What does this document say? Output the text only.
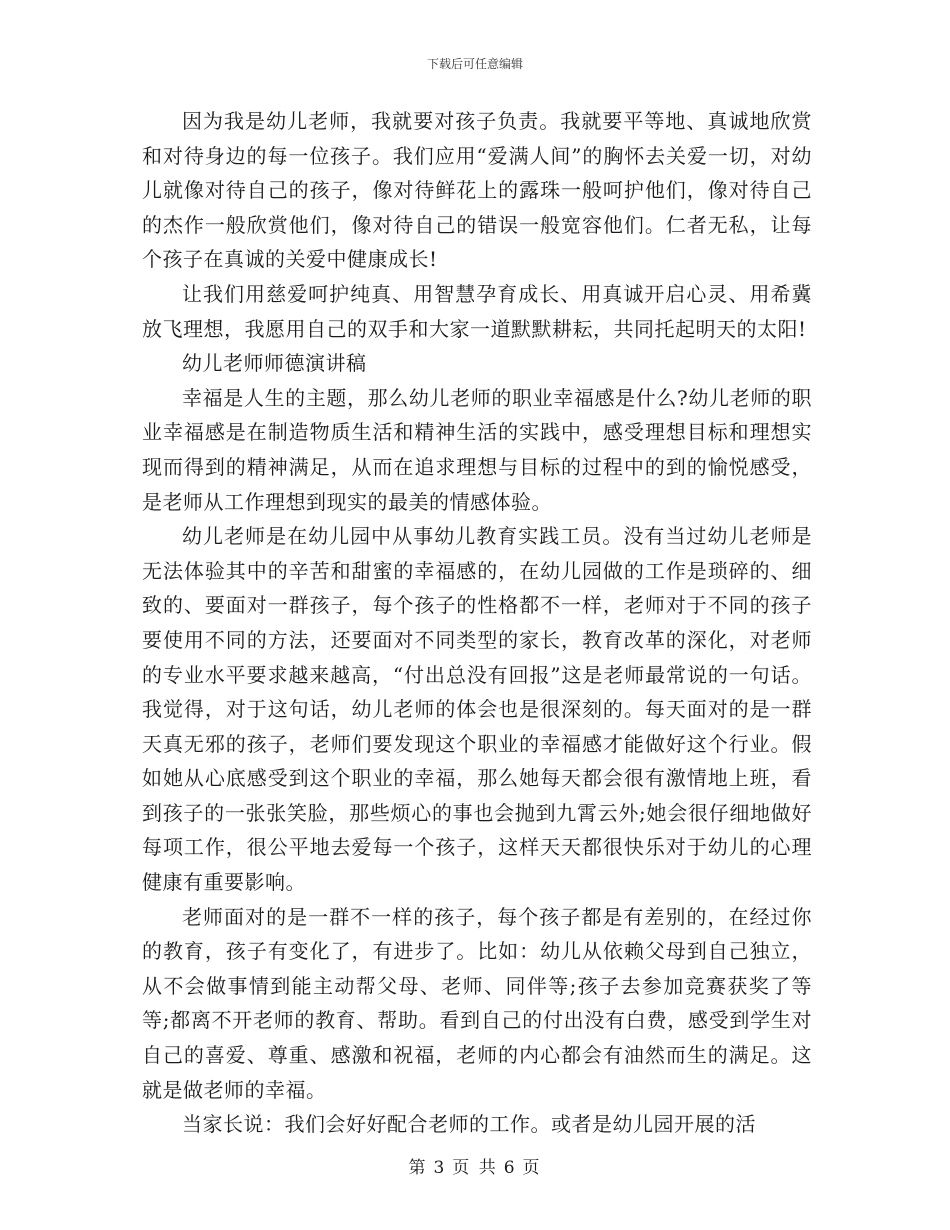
下载后可任意编辑

因为我是幼儿老师，我就要对孩子负责。我就要平等地、真诚地欣赏和对待身边的每一位孩子。我们应用“爱满人间”的胸怀去关爱一切，对幼儿就像对待自己的孩子，像对待鲜花上的露珠一般呵护他们，像对待自己的杰作一般欣赏他们，像对待自己的错误一般宽容他们。仁者无私，让每个孩子在真诚的关爱中健康成长!

让我们用慈爱呵护纯真、用智慧孕育成长、用真诚开启心灵、用希冀放飞理想，我愿用自己的双手和大家一道默默耕耘，共同托起明天的太阳!

幼儿老师师德演讲稿

幸福是人生的主题，那么幼儿老师的职业幸福感是什么?幼儿老师的职业幸福感是在制造物质生活和精神生活的实践中，感受理想目标和理想实现而得到的精神满足，从而在追求理想与目标的过程中的到的愉悦感受，是老师从工作理想到现实的最美的情感体验。

幼儿老师是在幼儿园中从事幼儿教育实践工员。没有当过幼儿老师是无法体验其中的辛苦和甜蜜的幸福感的，在幼儿园做的工作是琐碎的、细致的、要面对一群孩子，每个孩子的性格都不一样，老师对于不同的孩子要使用不同的方法，还要面对不同类型的家长，教育改革的深化，对老师的专业水平要求越来越高，“付出总没有回报”这是老师最常说的一句话。我觉得，对于这句话，幼儿老师的体会也是很深刻的。每天面对的是一群天真无邪的孩子，老师们要发现这个职业的幸福感才能做好这个行业。假如她从心底感受到这个职业的幸福，那么她每天都会很有激情地上班，看到孩子的一张张笑脸，那些烦心的事也会抛到九霄云外;她会很仔细地做好每项工作，很公平地去爱每一个孩子，这样天天都很快乐对于幼儿的心理健康有重要影响。

老师面对的是一群不一样的孩子，每个孩子都是有差别的，在经过你的教育，孩子有变化了，有进步了。比如：幼儿从依赖父母到自己独立，从不会做事情到能主动帮父母、老师、同伴等;孩子去参加竞赛获奖了等等;都离不开老师的教育、帮助。看到自己的付出没有白费，感受到学生对自己的喜爱、尊重、感激和祝福，老师的内心都会有油然而生的满足。这就是做老师的幸福。

当家长说：我们会好好配合老师的工作。或者是幼儿园开展的活

第 3 页 共 6 页
